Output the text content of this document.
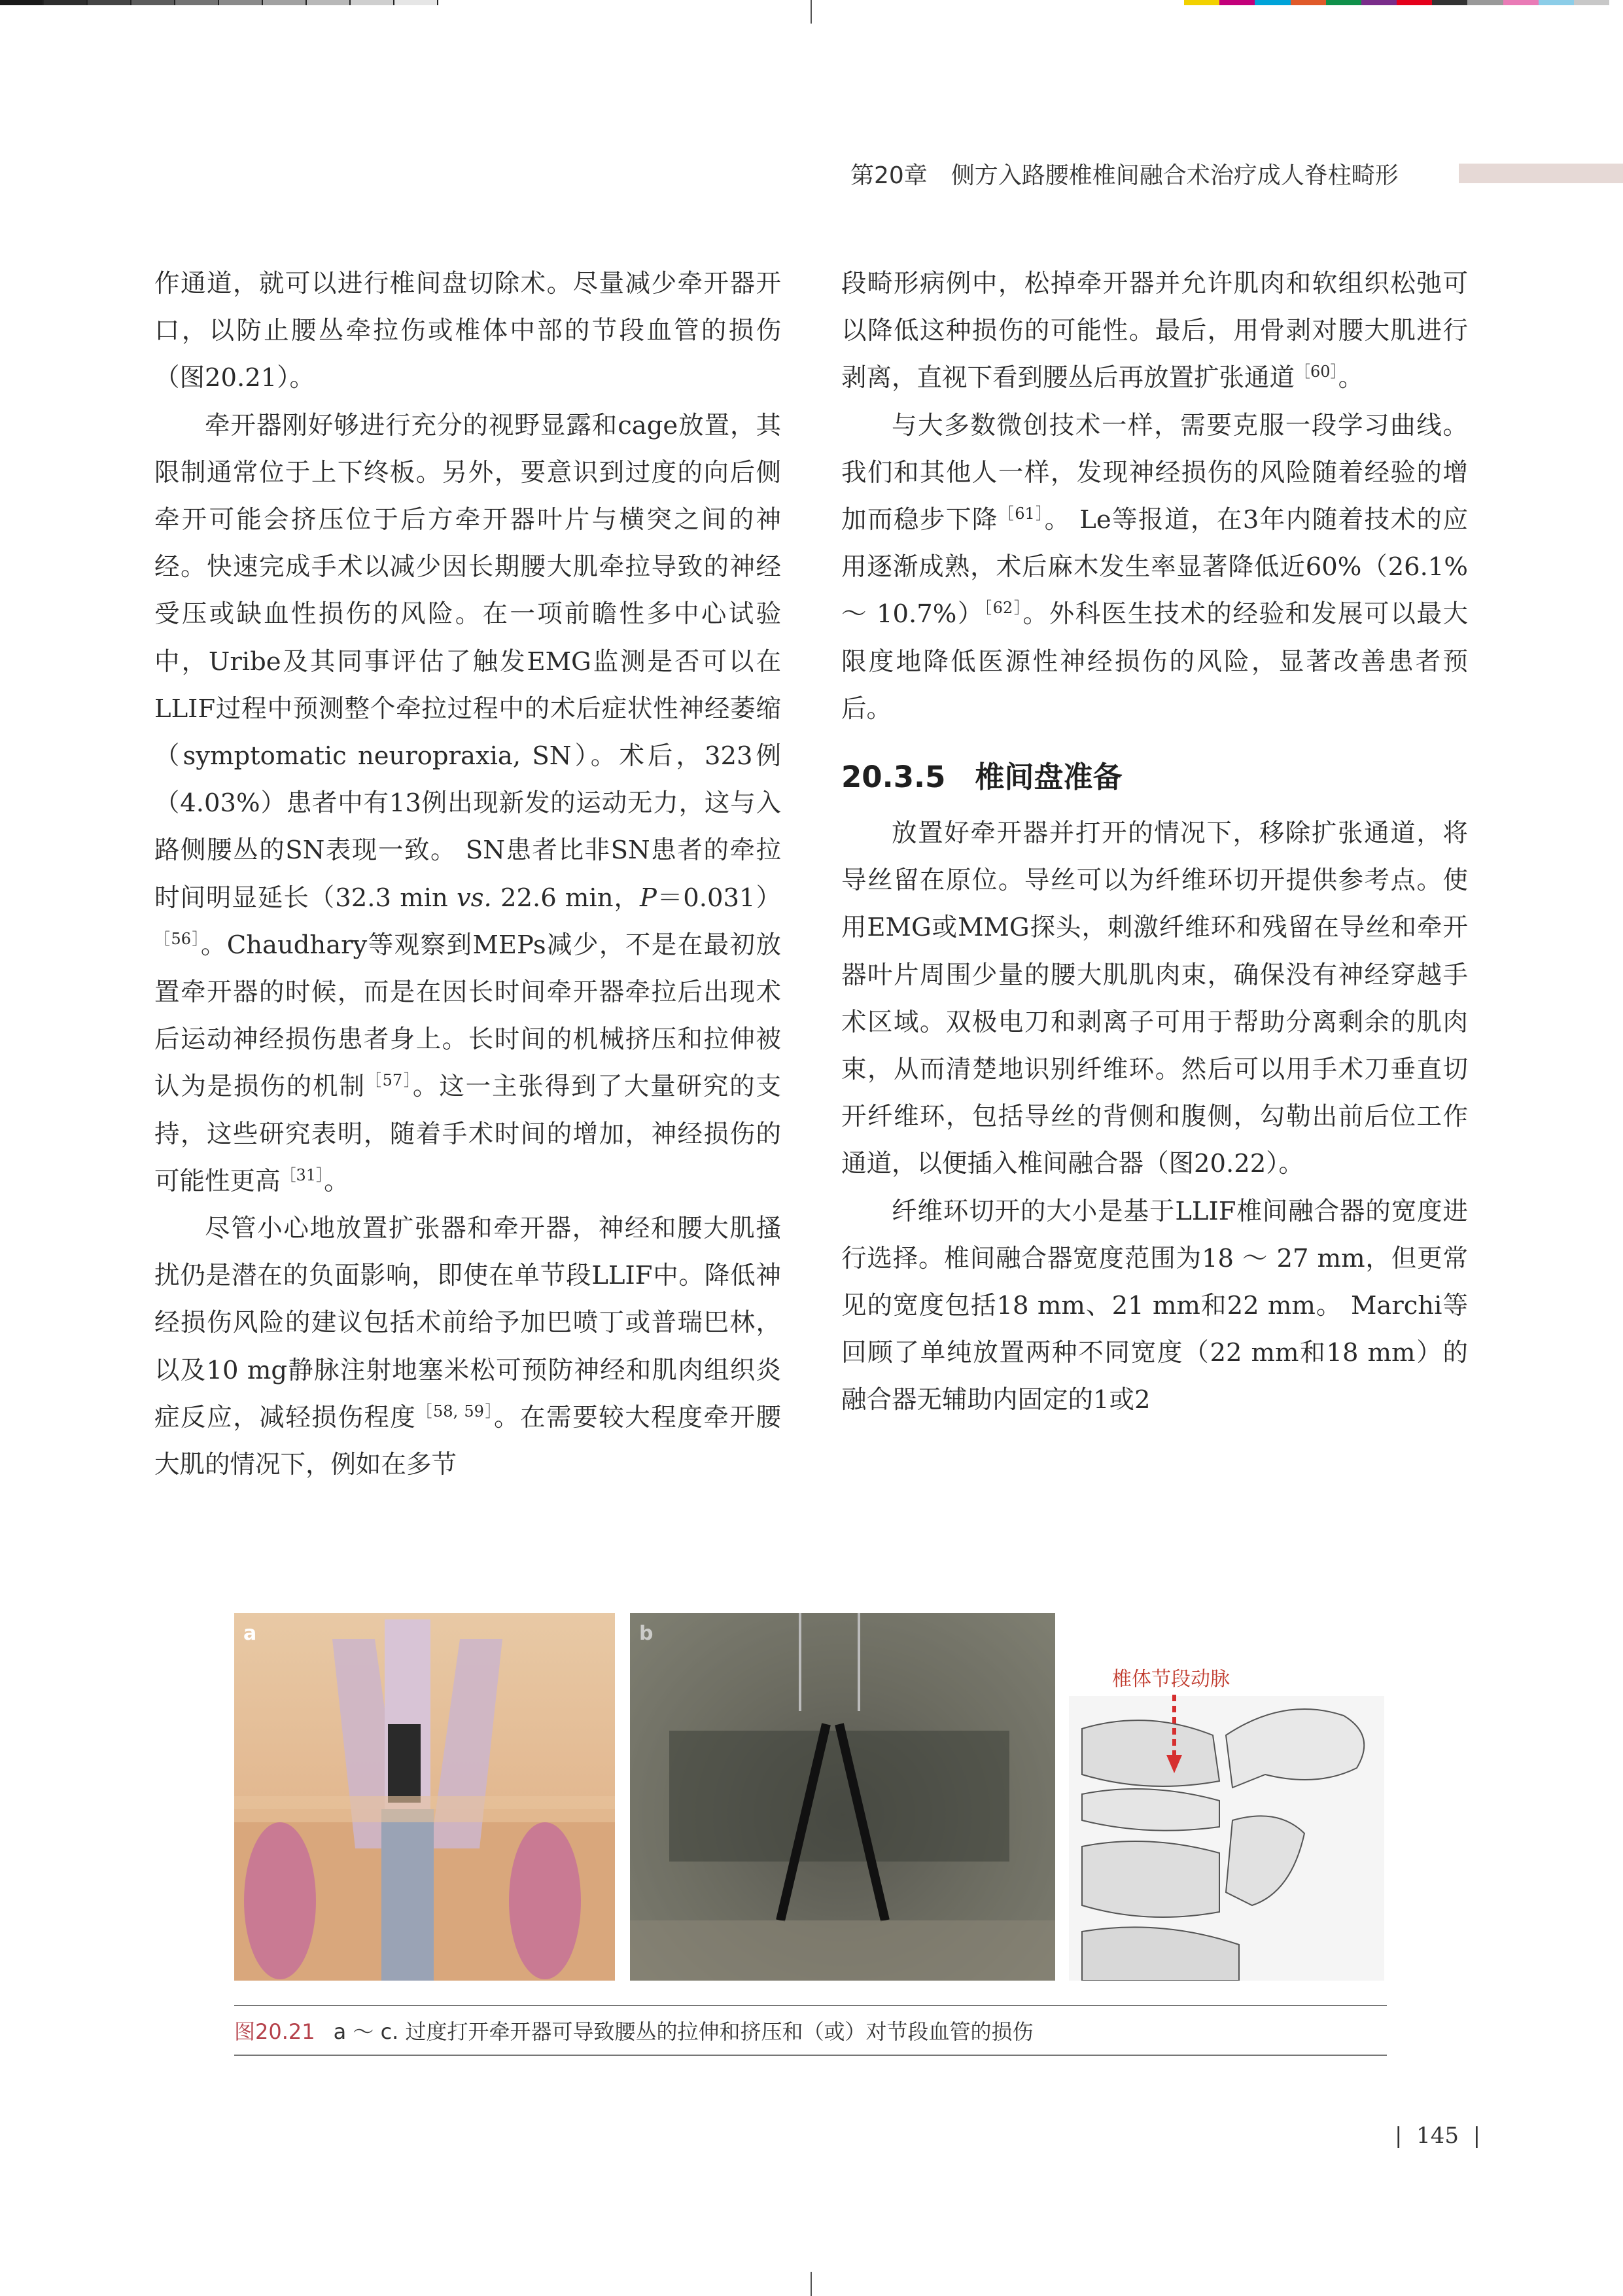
第20章　侧方入路腰椎椎间融合术治疗成人脊柱畸形

作通道，就可以进行椎间盘切除术。尽量减少牵开器开口，以防止腰丛牵拉伤或椎体中部的节段血管的损伤（图20.21）。

牵开器刚好够进行充分的视野显露和cage放置，其限制通常位于上下终板。另外，要意识到过度的向后侧牵开可能会挤压位于后方牵开器叶片与横突之间的神经。快速完成手术以减少因长期腰大肌牵拉导致的神经受压或缺血性损伤的风险。在一项前瞻性多中心试验中，Uribe及其同事评估了触发EMG监测是否可以在LLIF过程中预测整个牵拉过程中的术后症状性神经萎缩（symptomatic neuropraxia, SN）。术后，323例（4.03%）患者中有13例出现新发的运动无力，这与入路侧腰丛的SN表现一致。 SN患者比非SN患者的牵拉时间明显延长（32.3 min vs. 22.6 min，P＝0.031）$^{[56]}$。Chaudhary等观察到MEPs减少，不是在最初放置牵开器的时候，而是在因长时间牵开器牵拉后出现术后运动神经损伤患者身上。长时间的机械挤压和拉伸被认为是损伤的机制$^{[57]}$。这一主张得到了大量研究的支持，这些研究表明，随着手术时间的增加，神经损伤的可能性更高$^{[31]}$。

尽管小心地放置扩张器和牵开器，神经和腰大肌搔扰仍是潜在的负面影响，即使在单节段LLIF中。降低神经损伤风险的建议包括术前给予加巴喷丁或普瑞巴林，以及10 mg静脉注射地塞米松可预防神经和肌肉组织炎症反应，减轻损伤程度$^{[58, 59]}$。在需要较大程度牵开腰大肌的情况下，例如在多节

段畸形病例中，松掉牵开器并允许肌肉和软组织松弛可以降低这种损伤的可能性。最后，用骨剥对腰大肌进行剥离，直视下看到腰丛后再放置扩张通道$^{[60]}$。

与大多数微创技术一样，需要克服一段学习曲线。我们和其他人一样，发现神经损伤的风险随着经验的增加而稳步下降$^{[61]}$。 Le等报道，在3年内随着技术的应用逐渐成熟，术后麻木发生率显著降低近60%（26.1% ～ 10.7%）$^{[62]}$。外科医生技术的经验和发展可以最大限度地降低医源性神经损伤的风险，显著改善患者预后。

20.3.5　 椎间盘准备

放置好牵开器并打开的情况下，移除扩张通道，将导丝留在原位。导丝可以为纤维环切开提供参考点。使用EMG或MMG探头，刺激纤维环和残留在导丝和牵开器叶片周围少量的腰大肌肌肉束，确保没有神经穿越手术区域。双极电刀和剥离子可用于帮助分离剩余的肌肉束，从而清楚地识别纤维环。然后可以用手术刀垂直切开纤维环，包括导丝的背侧和腹侧，勾勒出前后位工作通道，以便插入椎间融合器（图20.22）。

纤维环切开的大小是基于LLIF椎间融合器的宽度进行选择。椎间融合器宽度范围为18 ～ 27 mm，但更常见的宽度包括18 mm、21 mm和22 mm。 Marchi等回顾了单纯放置两种不同宽度（22 mm和18 mm）的融合器无辅助内固定的1或2

a	b
椎体节段动脉
图20.21 a ～ c. 过度打开牵开器可导致腰丛的拉伸和挤压和（或）对节段血管的损伤
|  145  |
